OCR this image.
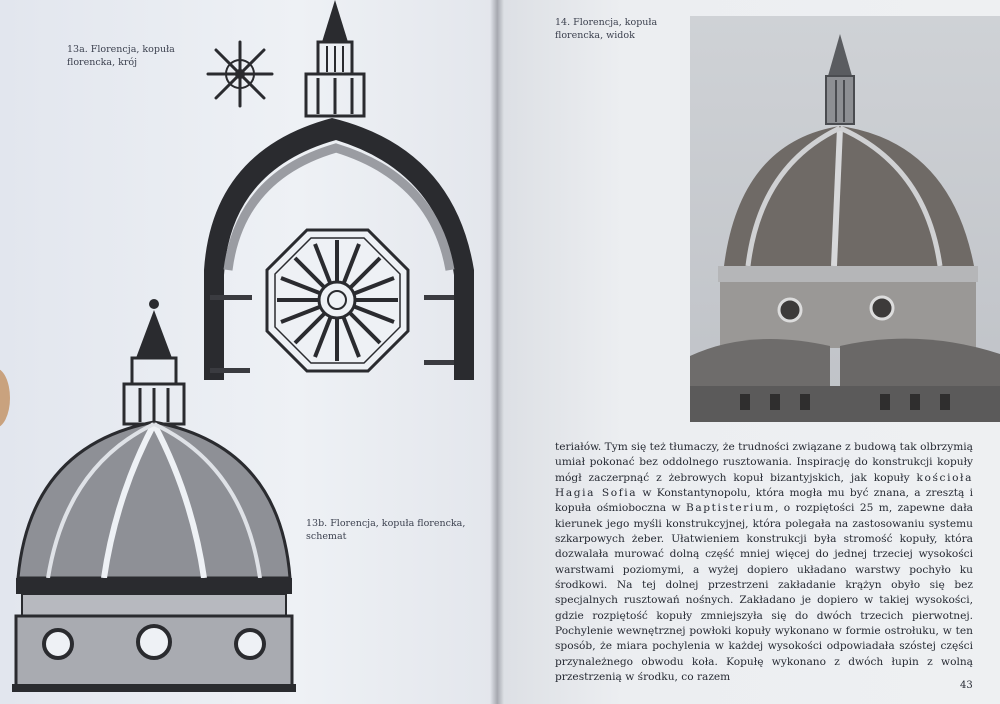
13a. Florencja, kopuła florencka, krój
13b. Florencja, kopuła florencka, schemat
14. Florencja, kopuła florencka, widok

teriałów. Tym się też tłumaczy, że trudności związane z budową tak olbrzymią umiał pokonać bez oddolnego rusztowania. Inspirację do konstrukcji kopuły mógł zaczerpnąć z żebrowych kopuł bizantyjskich, jak kopuły kościoła Hagia Sofia w Konstantynopolu, która mogła mu być znana, a zresztą i kopuła ośmioboczna w Baptisterium, o rozpiętości 25 m, zapewne dała kierunek jego myśli konstrukcyjnej, która polegała na zastosowaniu systemu szkarpowych żeber. Ułatwieniem konstrukcji była stromość kopuły, która dozwalała murować dolną część mniej więcej do jednej trzeciej wysokości warstwami poziomymi, a wyżej dopiero układano warstwy pochyło ku środkowi. Na tej dolnej przestrzeni zakładanie krążyn obyło się bez specjalnych rusztowań nośnych. Zakładano je dopiero w takiej wysokości, gdzie rozpiętość kopuły zmniejszyła się do dwóch trzecich pierwotnej. Pochylenie wewnętrznej powłoki kopuły wykonano w formie ostrołuku, w ten sposób, że miara pochylenia w każdej wysokości odpowiadała szóstej części przynależnego obwodu koła. Kopułę wykonano z dwóch łupin z wolną przestrzenią w środku, co razem

43
